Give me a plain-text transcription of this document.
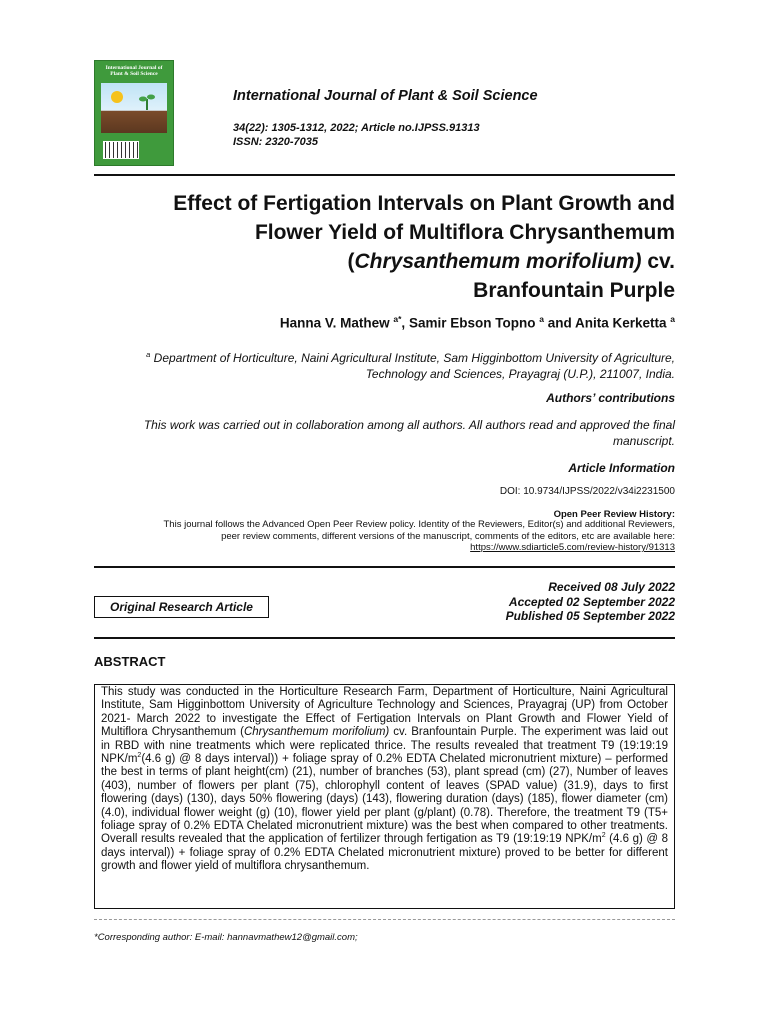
International Journal of Plant & Soil Science
International Journal of Plant & Soil Science
34(22): 1305-1312, 2022; Article no.IJPSS.91313
ISSN: 2320-7035
Effect of Fertigation Intervals on Plant Growth and
Flower Yield of Multiflora Chrysanthemum
(Chrysanthemum morifolium) cv.
Branfountain Purple
Hanna V. Mathew $^{a*}$, Samir Ebson Topno $^a$ and Anita Kerketta $^a$
$^a$ Department of Horticulture, Naini Agricultural Institute, Sam Higginbottom University of Agriculture,
Technology and Sciences, Prayagraj (U.P.), 211007, India.
Authors’ contributions
This work was carried out in collaboration among all authors. All authors read and approved the final
manuscript.
Article Information
DOI: 10.9734/IJPSS/2022/v34i2231500
Open Peer Review History:
This journal follows the Advanced Open Peer Review policy. Identity of the Reviewers, Editor(s) and additional Reviewers,
peer review comments, different versions of the manuscript, comments of the editors, etc are available here:
https://www.sdiarticle5.com/review-history/91313
Original Research Article
Received 08 July 2022
Accepted 02 September 2022
Published 05 September 2022
ABSTRACT
This study was conducted in the Horticulture Research Farm, Department of Horticulture, Naini Agricultural Institute, Sam Higginbottom University of Agriculture Technology and Sciences, Prayagraj (UP) from October 2021- March 2022 to investigate the Effect of Fertigation Intervals on Plant Growth and Flower Yield of Multiflora Chrysanthemum (Chrysanthemum morifolium) cv. Branfountain Purple. The experiment was laid out in RBD with nine treatments which were replicated thrice. The results revealed that treatment T9 (19:19:19 NPK/$m^2(4.6$ g) @ 8 days interval)) + foliage spray of 0.2% EDTA Chelated micronutrient mixture) – performed the best in terms of plant height(cm) (21), number of branches (53), plant spread (cm) (27), Number of leaves (403), number of flowers per plant (75), chlorophyll content of leaves (SPAD value) (31.9), days to first flowering (days) (130), days 50% flowering (days) (143), flowering duration (days) (185), flower diameter (cm) (4.0), individual flower weight (g) (10), flower yield per plant (g/plant) (0.78). Therefore, the treatment T9 (T5+ foliage spray of 0.2% EDTA Chelated micronutrient mixture) was the best when compared to other treatments. Overall results revealed that the application of fertilizer through fertigation as T9 (19:19:19 NPK/$m^2$ (4.6 g) @ 8 days interval)) + foliage spray of 0.2% EDTA Chelated micronutrient mixture) proved to be better for different growth and flower yield of multiflora chrysanthemum.
*Corresponding author: E-mail: hannavmathew12@gmail.com;
